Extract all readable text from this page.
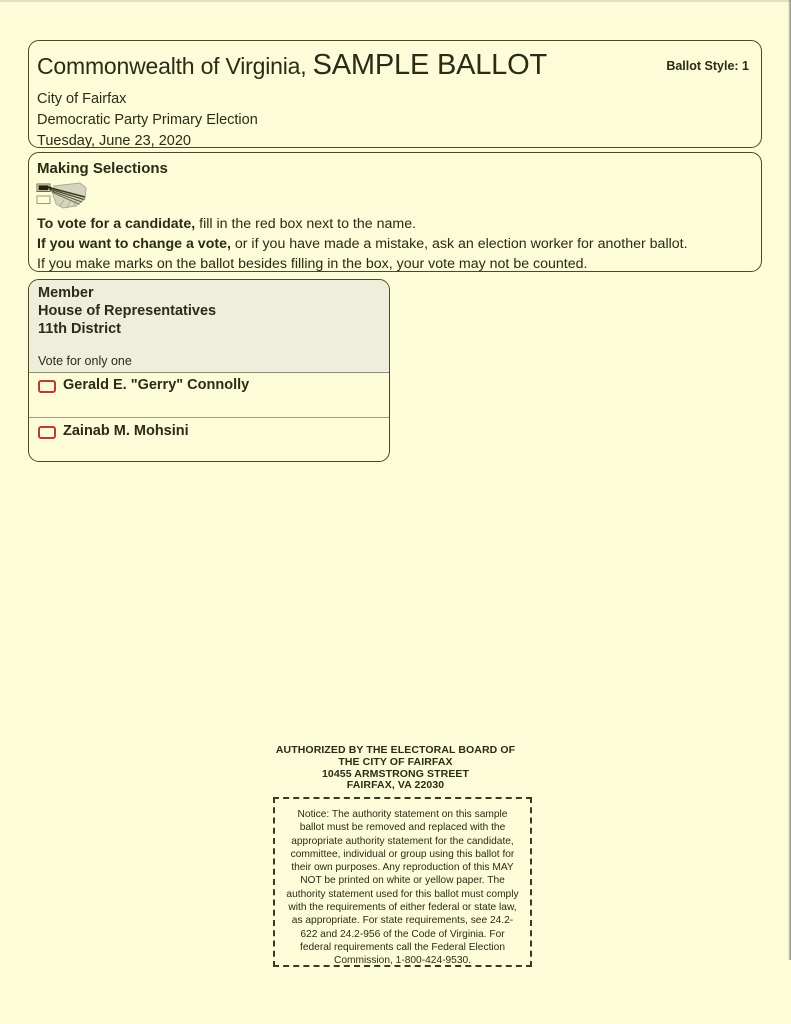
Commonwealth of Virginia, SAMPLE BALLOT	Ballot Style: 1
City of Fairfax
Democratic Party Primary Election
Tuesday, June 23, 2020
Making Selections
To vote for a candidate, fill in the red box next to the name.
If you want to change a vote, or if you have made a mistake, ask an election worker for another ballot.
If you make marks on the ballot besides filling in the box, your vote may not be counted.
Member
House of Representatives
11th District
Vote for only one
Gerald E. "Gerry" Connolly
Zainab M. Mohsini
AUTHORIZED BY THE ELECTORAL BOARD OF
THE CITY OF FAIRFAX
10455 ARMSTRONG STREET
FAIRFAX, VA 22030
Notice: The authority statement on this sample ballot must be removed and replaced with the appropriate authority statement for the candidate, committee, individual or group using this ballot for their own purposes. Any reproduction of this MAY NOT be printed on white or yellow paper. The authority statement used for this ballot must comply with the requirements of either federal or state law, as appropriate. For state requirements, see 24.2-622 and 24.2-956 of the Code of Virginia. For federal requirements call the Federal Election Commission, 1-800-424-9530.
